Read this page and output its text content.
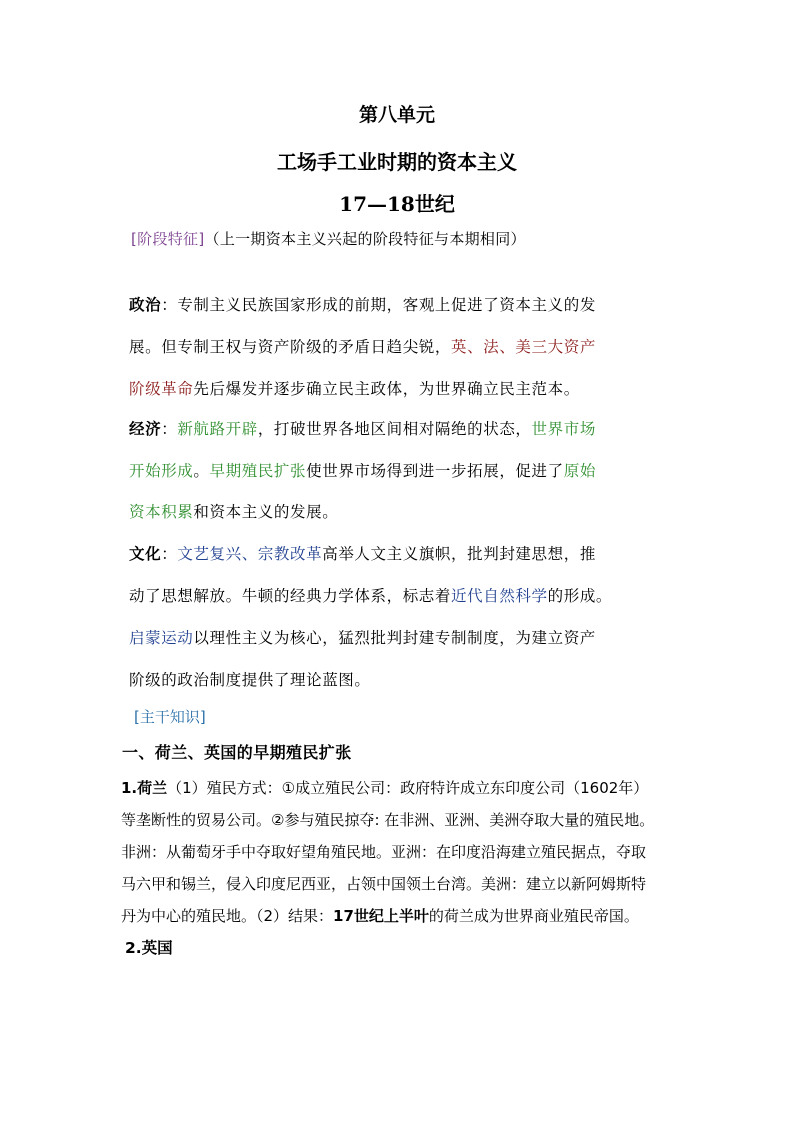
第八单元
工场手工业时期的资本主义
17—18世纪
[阶段特征]（上一期资本主义兴起的阶段特征与本期相同）
政治：专制主义民族国家形成的前期，客观上促进了资本主义的发
展。但专制王权与资产阶级的矛盾日趋尖锐，英、法、美三大资产
阶级革命先后爆发并逐步确立民主政体，为世界确立民主范本。
经济：新航路开辟，打破世界各地区间相对隔绝的状态，世界市场
开始形成。早期殖民扩张使世界市场得到进一步拓展，促进了原始
资本积累和资本主义的发展。
文化：文艺复兴、宗教改革高举人文主义旗帜，批判封建思想，推
动了思想解放。牛顿的经典力学体系，标志着近代自然科学的形成。
启蒙运动以理性主义为核心，猛烈批判封建专制制度，为建立资产
阶级的政治制度提供了理论蓝图。
[主干知识]
一、荷兰、英国的早期殖民扩张
1.荷兰（1）殖民方式：①成立殖民公司：政府特许成立东印度公司（1602年）
等垄断性的贸易公司。②参与殖民掠夺: 在非洲、亚洲、美洲夺取大量的殖民地。
非洲：从葡萄牙手中夺取好望角殖民地。亚洲：在印度沿海建立殖民据点，夺取
马六甲和锡兰，侵入印度尼西亚，占领中国领土台湾。美洲：建立以新阿姆斯特
丹为中心的殖民地。（2）结果：17世纪上半叶的荷兰成为世界商业殖民帝国。
2.英国
